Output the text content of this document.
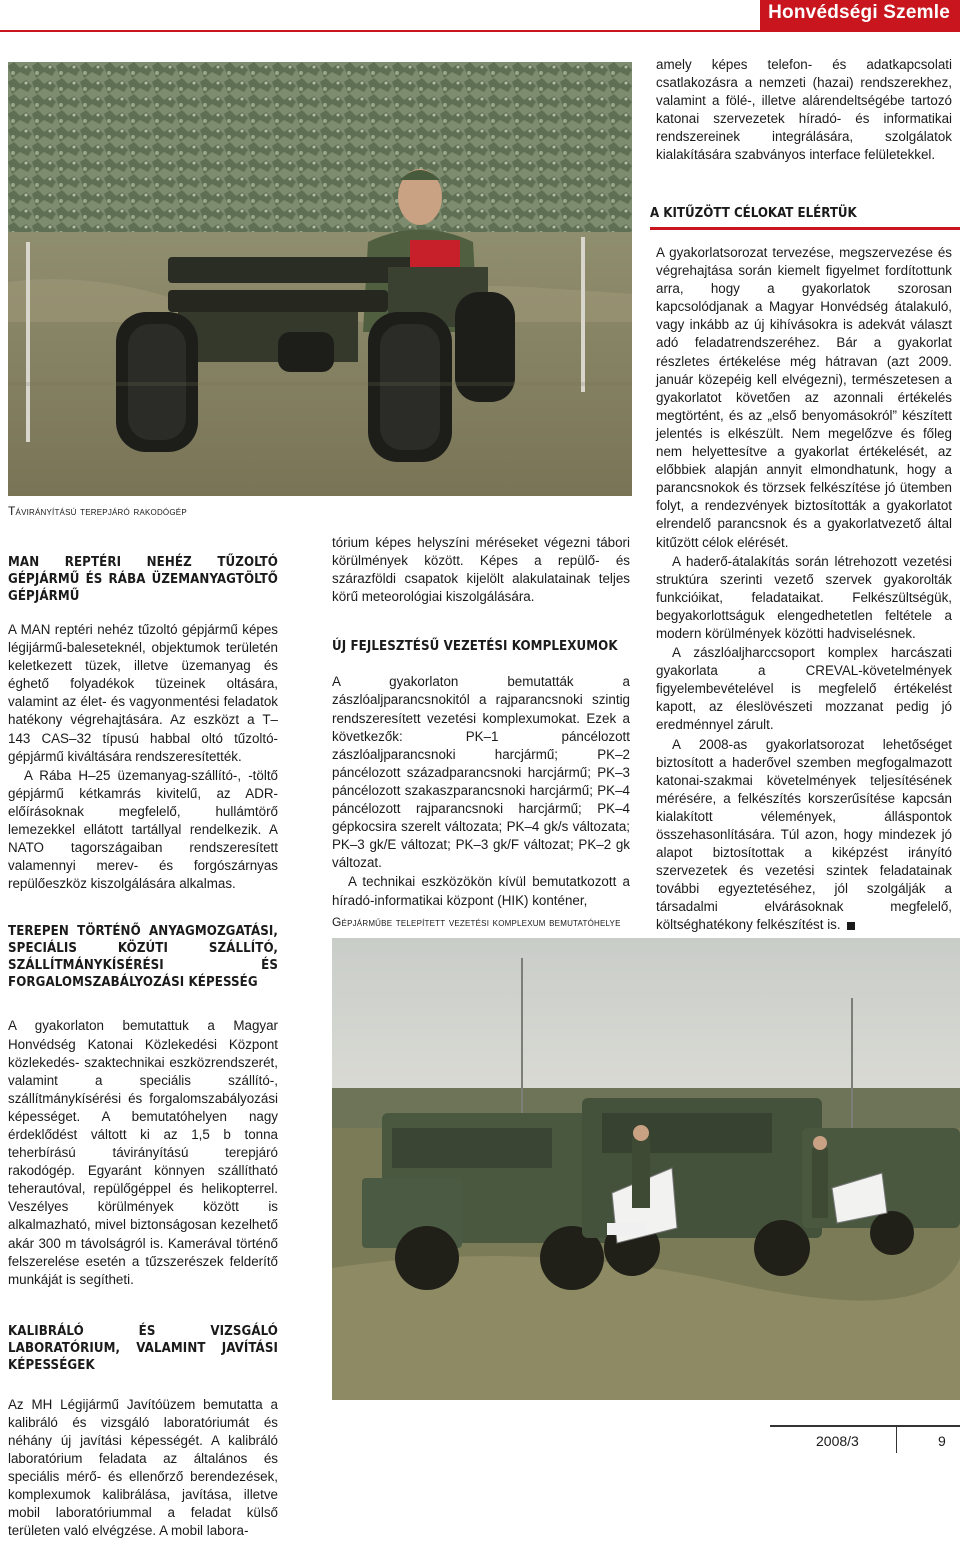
Honvédségi Szemle
Távirányítású terepjáró rakodógép
MAN REPTÉRI NEHÉZ TŰZOLTÓ GÉPJÁRMŰ ÉS RÁBA ÜZEMANYAGTÖLTŐ GÉPJÁRMŰ

A MAN reptéri nehéz tűzoltó gépjármű képes légijármű-baleseteknél, objektumok területén keletkezett tüzek, illetve üzemanyag és éghető folyadékok tüzeinek oltására, valamint az élet- és vagyonmentési feladatok hatékony végrehajtására. Az eszközt a T–143 CAS–32 típusú habbal oltó tűzoltó-gépjármű kiváltására rendszeresítették.

A Rába H–25 üzemanyag-szállító-, -töltő gépjármű kétkamrás kivitelű, az ADR-előírásoknak megfelelő, hullámtörő lemezekkel ellátott tartállyal rendelkezik. A NATO tagországaiban rendszeresített valamennyi merev- és forgószárnyas repülőeszköz kiszolgálására alkalmas.

TEREPEN TÖRTÉNŐ ANYAGMOZGATÁSI, SPECIÁLIS KÖZÚTI SZÁLLÍTÓ, SZÁLLÍTMÁNYKÍSÉRÉSI ÉS FORGALOMSZABÁLYOZÁSI KÉPESSÉG

A gyakorlaton bemutattuk a Magyar Honvédség Katonai Közlekedési Központ közlekedés- szaktechnikai eszközrendszerét, valamint a speciális szállító-, szállítmánykísérési és forgalomszabályozási képességet. A bemutatóhelyen nagy érdeklődést váltott ki az 1,5 b tonna teherbírású távirányítású terepjáró rakodógép. Egyaránt könnyen szállítható teherautóval, repülőgéppel és helikopterrel. Veszélyes körülmények között is alkalmazható, mivel biztonságosan kezelhető akár 300 m távolságról is. Kamerával történő felszerelése esetén a tűzszerészek felderítő munkáját is segítheti.

KALIBRÁLÓ ÉS VIZSGÁLÓ LABORATÓRIUM, VALAMINT JAVÍTÁSI KÉPESSÉGEK

Az MH Légijármű Javítóüzem bemutatta a kalibráló és vizsgáló laboratóriumát és néhány új javítási képességét. A kalibráló laboratórium feladata az általános és speciális mérő- és ellenőrző berendezések, komplexumok kalibrálása, javítása, illetve mobil laboratóriummal a feladat külső területen való elvégzése. A mobil labora-

tórium képes helyszíni méréseket végezni tábori körülmények között. Képes a repülő- és szárazföldi csapatok kijelölt alakulatainak teljes körű meteorológiai kiszolgálására.

ÚJ FEJLESZTÉSŰ VEZETÉSI KOMPLEXUMOK

A gyakorlaton bemutatták a zászlóaljparancsnokitól a rajparancsnoki szintig rendszeresített vezetési komplexumokat. Ezek a következők: PK–1 páncélozott zászlóaljparancsnoki harcjármű; PK–2 páncélozott századparancsnoki harcjármű; PK–3 páncélozott szakaszparancsnoki harcjármű; PK–4 páncélozott rajparancsnoki harcjármű; PK–4 gépkocsira szerelt változata; PK–4 gk/s változata; PK–3 gk/E változat; PK–3 gk/F változat; PK–2 gk változat.

A technikai eszközökön kívül bemutatkozott a híradó-informatikai központ (HIK) konténer,

Gépjárműbe telepített vezetési komplexum bemutatóhelye

amely képes telefon- és adatkapcsolati csatlakozásra a nemzeti (hazai) rendszerekhez, valamint a fölé-, illetve alárendeltségébe tartozó katonai szervezetek híradó- és informatikai rendszereinek integrálására, szolgálatok kialakítására szabványos interface felületekkel.

A KITŰZÖTT CÉLOKAT ELÉRTÜK

A gyakorlatsorozat tervezése, megszervezése és végrehajtása során kiemelt figyelmet fordítottunk arra, hogy a gyakorlatok szorosan kapcsolódjanak a Magyar Honvédség átalakuló, vagy inkább az új kihívásokra is adekvát választ adó feladatrendszeréhez. Bár a gyakorlat részletes értékelése még hátravan (azt 2009. január közepéig kell elvégezni), természetesen a gyakorlatot követően az azonnali értékelés megtörtént, és az „első benyomásokról” készített jelentés is elkészült. Nem megelőzve és főleg nem helyettesítve a gyakorlat értékelését, az előbbiek alapján annyit elmondhatunk, hogy a parancsnokok és törzsek felkészítése jó ütemben folyt, a rendezvények biztosították a gyakorlatot elrendelő parancsnok és a gyakorlatvezető által kitűzött célok elérését.

A haderő-átalakítás során létrehozott vezetési struktúra szerinti vezető szervek gyakorolták funkcióikat, feladataikat. Felkészültségük, begyakorlottságuk elengedhetetlen feltétele a modern körülmények közötti hadviselésnek.

A zászlóaljharccsoport komplex harcászati gyakorlata a CREVAL-követelmények figyelembevételével is megfelelő értékelést kapott, az éleslövészeti mozzanat pedig jó eredménnyel zárult.

A 2008-as gyakorlatsorozat lehetőséget biztosított a haderővel szemben megfogalmazott katonai-szakmai követelmények teljesítésének mérésére, a felkészítés korszerűsítése kapcsán kialakított vélemények, álláspontok összehasonlítására. Túl azon, hogy mindezek jó alapot biztosítottak a kiképzést irányító szervezetek és vezetési szintek feladatainak további egyeztetéséhez, jól szolgálják a társadalmi elvárásoknak megfelelő, költséghatékony felkészítést is.

2008/3	9
